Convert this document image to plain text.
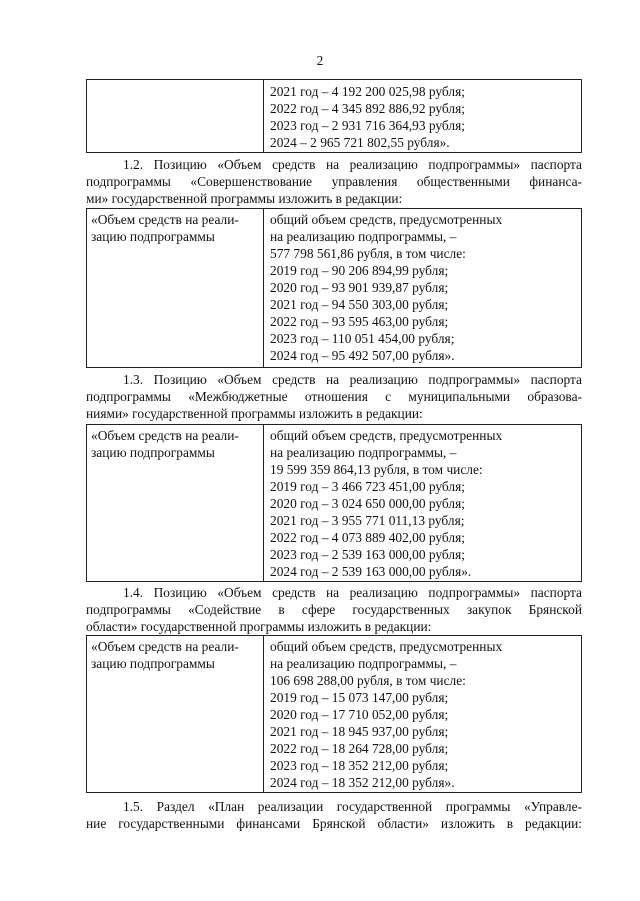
2
2021 год – 4 192 200 025,98 рубля;
2022 год – 4 345 892 886,92 рубля;
2023 год – 2 931 716 364,93 рубля;
2024 – 2 965 721 802,55 рубля».
1.2. Позицию «Объем средств на реализацию подпрограммы» паспорта
подпрограммы «Совершенствование управления общественными финанса-
ми» государственной программы изложить в редакции:
«Объем средств на реали-
зацию подпрограммы
общий объем средств, предусмотренных
на реализацию подпрограммы, –
577 798 561,86 рубля, в том числе:
2019 год – 90 206 894,99 рубля;
2020 год – 93 901 939,87 рубля;
2021 год – 94 550 303,00 рубля;
2022 год – 93 595 463,00 рубля;
2023 год – 110 051 454,00 рубля;
2024 год – 95 492 507,00 рубля».
1.3. Позицию «Объем средств на реализацию подпрограммы» паспорта
подпрограммы «Межбюджетные отношения с муниципальными образова-
ниями» государственной программы изложить в редакции:
«Объем средств на реали-
зацию подпрограммы
общий объем средств, предусмотренных
на реализацию подпрограммы, –
19 599 359 864,13 рубля, в том числе:
2019 год – 3 466 723 451,00 рубля;
2020 год – 3 024 650 000,00 рубля;
2021 год – 3 955 771 011,13 рубля;
2022 год – 4 073 889 402,00 рубля;
2023 год – 2 539 163 000,00 рубля;
2024 год – 2 539 163 000,00 рубля».
1.4. Позицию «Объем средств на реализацию подпрограммы» паспорта
подпрограммы «Содействие в сфере государственных закупок Брянской
области» государственной программы изложить в редакции:
«Объем средств на реали-
зацию подпрограммы
общий объем средств, предусмотренных
на реализацию подпрограммы, –
106 698 288,00 рубля, в том числе:
2019 год – 15 073 147,00 рубля;
2020 год – 17 710 052,00 рубля;
2021 год – 18 945 937,00 рубля;
2022 год – 18 264 728,00 рубля;
2023 год – 18 352 212,00 рубля;
2024 год – 18 352 212,00 рубля».
1.5. Раздел «План реализации государственной программы «Управле-
ние государственными финансами Брянской области» изложить в редакции:
